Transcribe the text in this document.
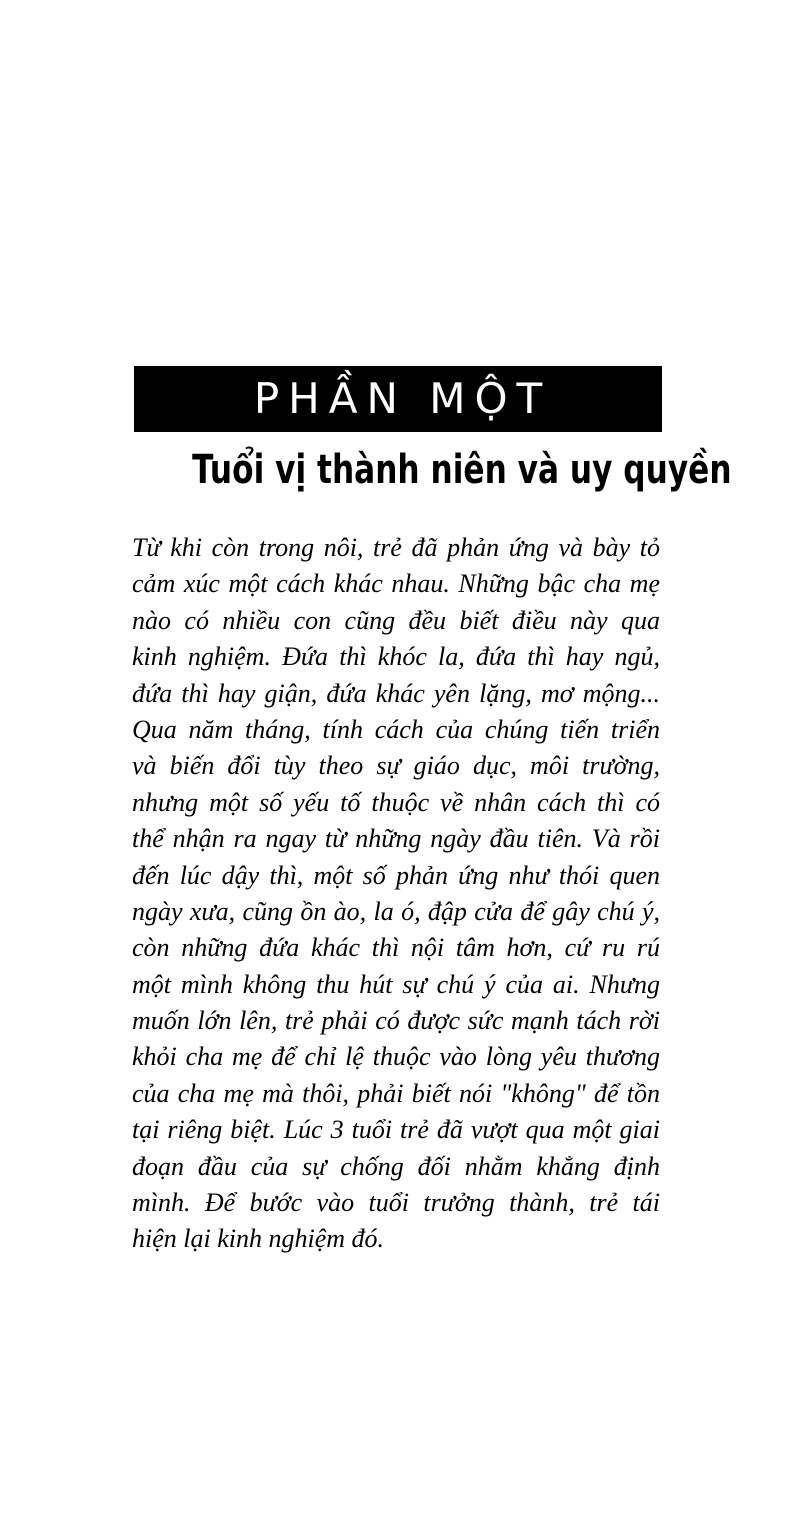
PHẦN MỘT
Tuổi vị thành niên và uy quyền
Từ khi còn trong nôi, trẻ đã phản ứng và bày tỏ
cảm xúc một cách khác nhau. Những bậc cha mẹ
nào có nhiều con cũng đều biết điều này qua
kinh nghiệm. Đứa thì khóc la, đứa thì hay ngủ,
đứa thì hay giận, đứa khác yên lặng, mơ mộng...
Qua năm tháng, tính cách của chúng tiến triển
và biến đổi tùy theo sự giáo dục, môi trường,
nhưng một số yếu tố thuộc về nhân cách thì có
thể nhận ra ngay từ những ngày đầu tiên. Và rồi
đến lúc dậy thì, một số phản ứng như thói quen
ngày xưa, cũng ồn ào, la ó, đập cửa để gây chú ý,
còn những đứa khác thì nội tâm hơn, cứ ru rú
một mình không thu hút sự chú ý của ai. Nhưng
muốn lớn lên, trẻ phải có được sức mạnh tách rời
khỏi cha mẹ để chỉ lệ thuộc vào lòng yêu thương
của cha mẹ mà thôi, phải biết nói "không" để tồn
tại riêng biệt. Lúc 3 tuổi trẻ đã vượt qua một giai
đoạn đầu của sự chống đối nhằm khẳng định
mình. Để bước vào tuổi trưởng thành, trẻ tái
hiện lại kinh nghiệm đó.
